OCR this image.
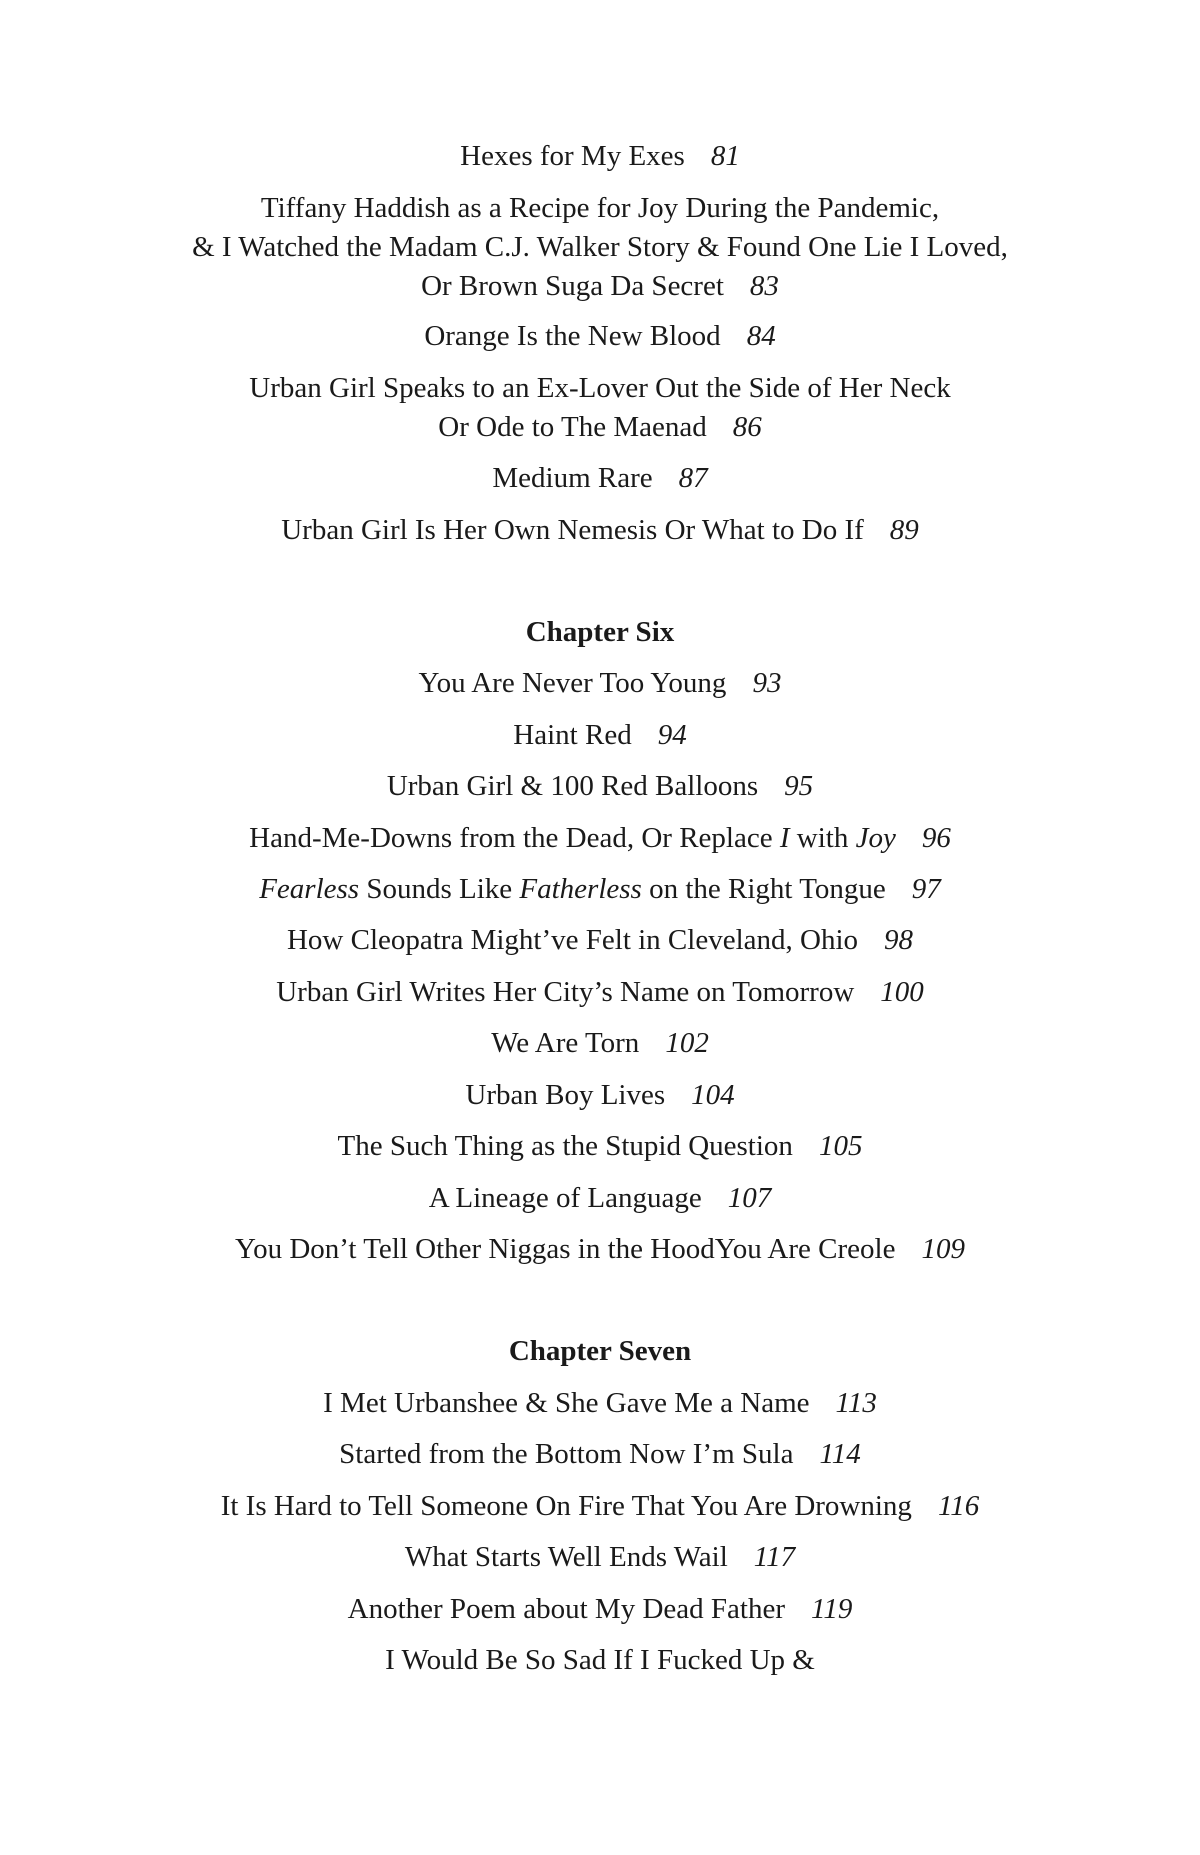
Hexes for My Exes 81
Tiffany Haddish as a Recipe for Joy During the Pandemic,
& I Watched the Madam C.J. Walker Story & Found One Lie I Loved,
Or Brown Suga Da Secret 83
Orange Is the New Blood 84
Urban Girl Speaks to an Ex-Lover Out the Side of Her Neck
Or Ode to The Maenad 86
Medium Rare 87
Urban Girl Is Her Own Nemesis Or What to Do If 89
Chapter Six
You Are Never Too Young 93
Haint Red 94
Urban Girl & 100 Red Balloons 95
Hand-Me-Downs from the Dead, Or Replace I with Joy 96
Fearless Sounds Like Fatherless on the Right Tongue 97
How Cleopatra Might’ve Felt in Cleveland, Ohio 98
Urban Girl Writes Her City’s Name on Tomorrow 100
We Are Torn 102
Urban Boy Lives 104
The Such Thing as the Stupid Question 105
A Lineage of Language 107
You Don’t Tell Other Niggas in the HoodYou Are Creole 109
Chapter Seven
I Met Urbanshee & She Gave Me a Name 113
Started from the Bottom Now I’m Sula 114
It Is Hard to Tell Someone On Fire That You Are Drowning 116
What Starts Well Ends Wail 117
Another Poem about My Dead Father 119
I Would Be So Sad If I Fucked Up &
